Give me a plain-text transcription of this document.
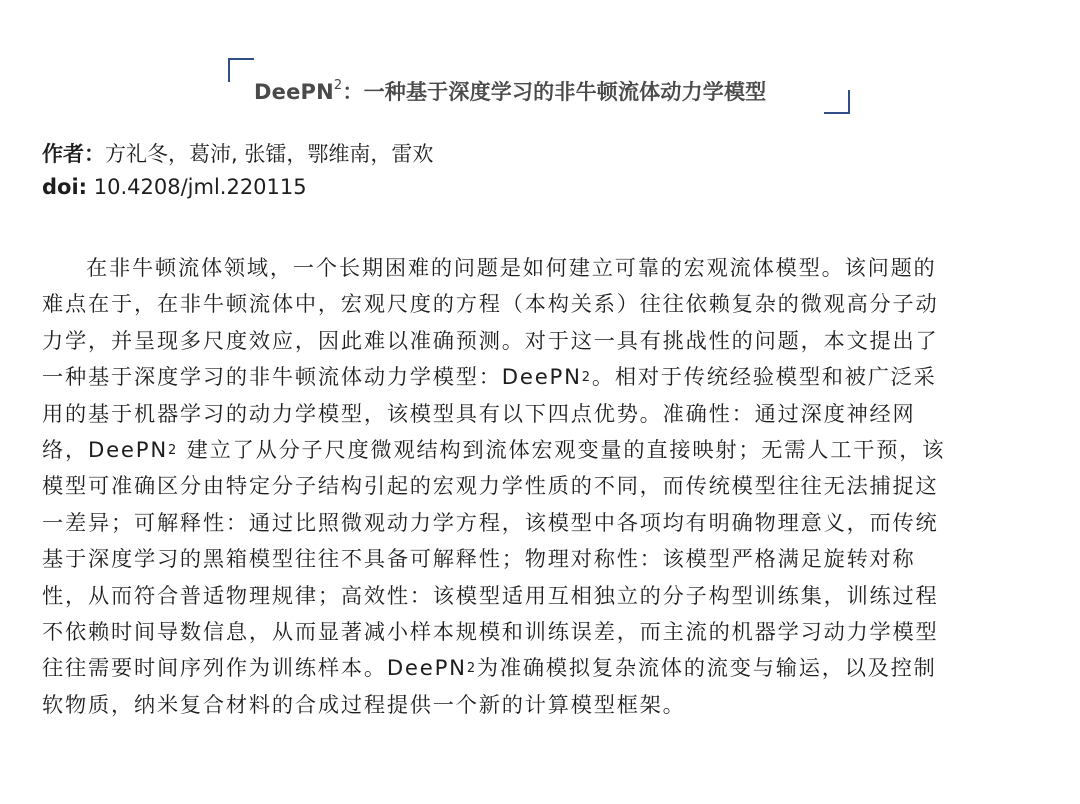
DeePN$^2$：一种基于深度学习的非牛顿流体动力学模型
作者：方礼冬，葛沛, 张镭，鄂维南，雷欢
doi: 10.4208/jml.220115
在非牛顿流体领域，一个长期困难的问题是如何建立可靠的宏观流体模型。该问题的
难点在于，在非牛顿流体中，宏观尺度的方程（本构关系）往往依赖复杂的微观高分子动
力学，并呈现多尺度效应，因此难以准确预测。对于这一具有挑战性的问题，本文提出了
一种基于深度学习的非牛顿流体动力学模型：DeePN$^2$。相对于传统经验模型和被广泛采
用的基于机器学习的动力学模型，该模型具有以下四点优势。准确性：通过深度神经网
络，DeePN$^2$ 建立了从分子尺度微观结构到流体宏观变量的直接映射；无需人工干预，该
模型可准确区分由特定分子结构引起的宏观力学性质的不同，而传统模型往往无法捕捉这
一差异；可解释性：通过比照微观动力学方程，该模型中各项均有明确物理意义，而传统
基于深度学习的黑箱模型往往不具备可解释性；物理对称性：该模型严格满足旋转对称
性，从而符合普适物理规律；高效性：该模型适用互相独立的分子构型训练集，训练过程
不依赖时间导数信息，从而显著减小样本规模和训练误差，而主流的机器学习动力学模型
往往需要时间序列作为训练样本。DeePN$^2$为准确模拟复杂流体的流变与输运，以及控制
软物质，纳米复合材料的合成过程提供一个新的计算模型框架。
